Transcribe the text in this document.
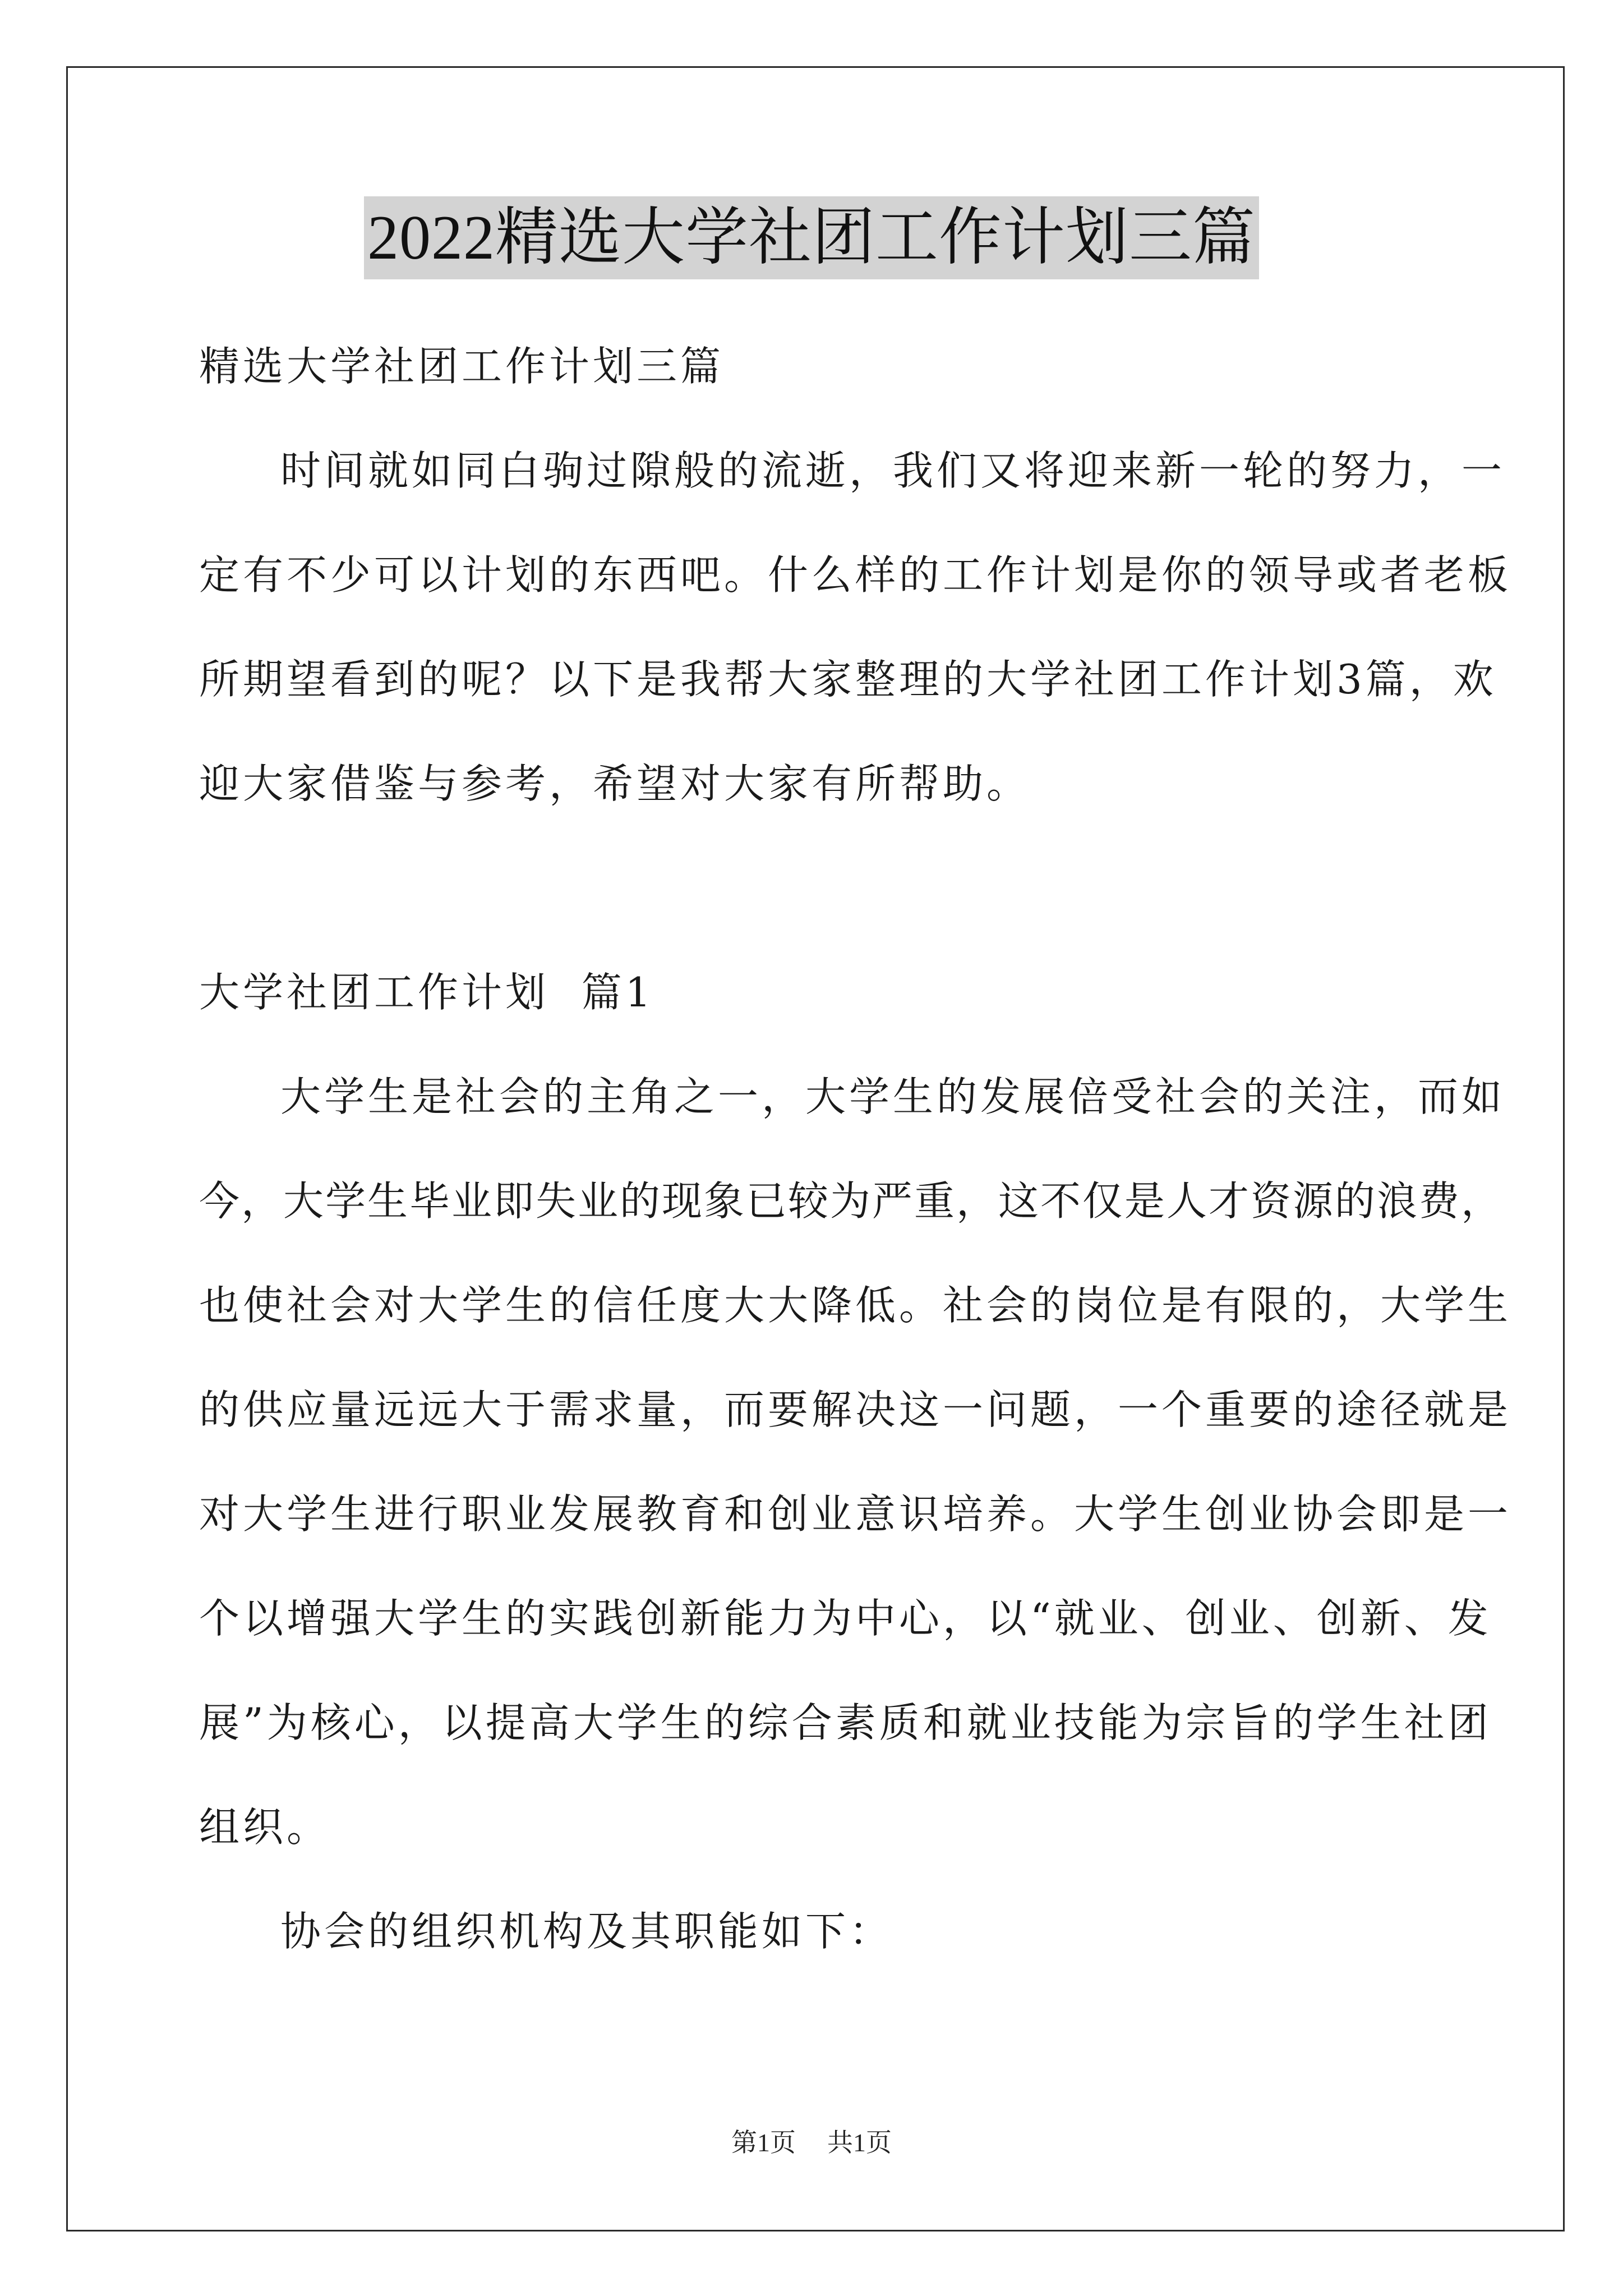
2022精选大学社团工作计划三篇
精选大学社团工作计划三篇
时间就如同白驹过隙般的流逝，我们又将迎来新一轮的努力，一
定有不少可以计划的东西吧。什么样的工作计划是你的领导或者老板
所期望看到的呢？以下是我帮大家整理的大学社团工作计划3篇，欢
迎大家借鉴与参考，希望对大家有所帮助。
大学社团工作计划  篇1
大学生是社会的主角之一，大学生的发展倍受社会的关注，而如
今，大学生毕业即失业的现象已较为严重，这不仅是人才资源的浪费，
也使社会对大学生的信任度大大降低。社会的岗位是有限的，大学生
的供应量远远大于需求量，而要解决这一问题，一个重要的途径就是
对大学生进行职业发展教育和创业意识培养。大学生创业协会即是一
个以增强大学生的实践创新能力为中心，以“就业、创业、创新、发
展”为核心，以提高大学生的综合素质和就业技能为宗旨的学生社团
组织。
协会的组织机构及其职能如下：
第1页 共1页
